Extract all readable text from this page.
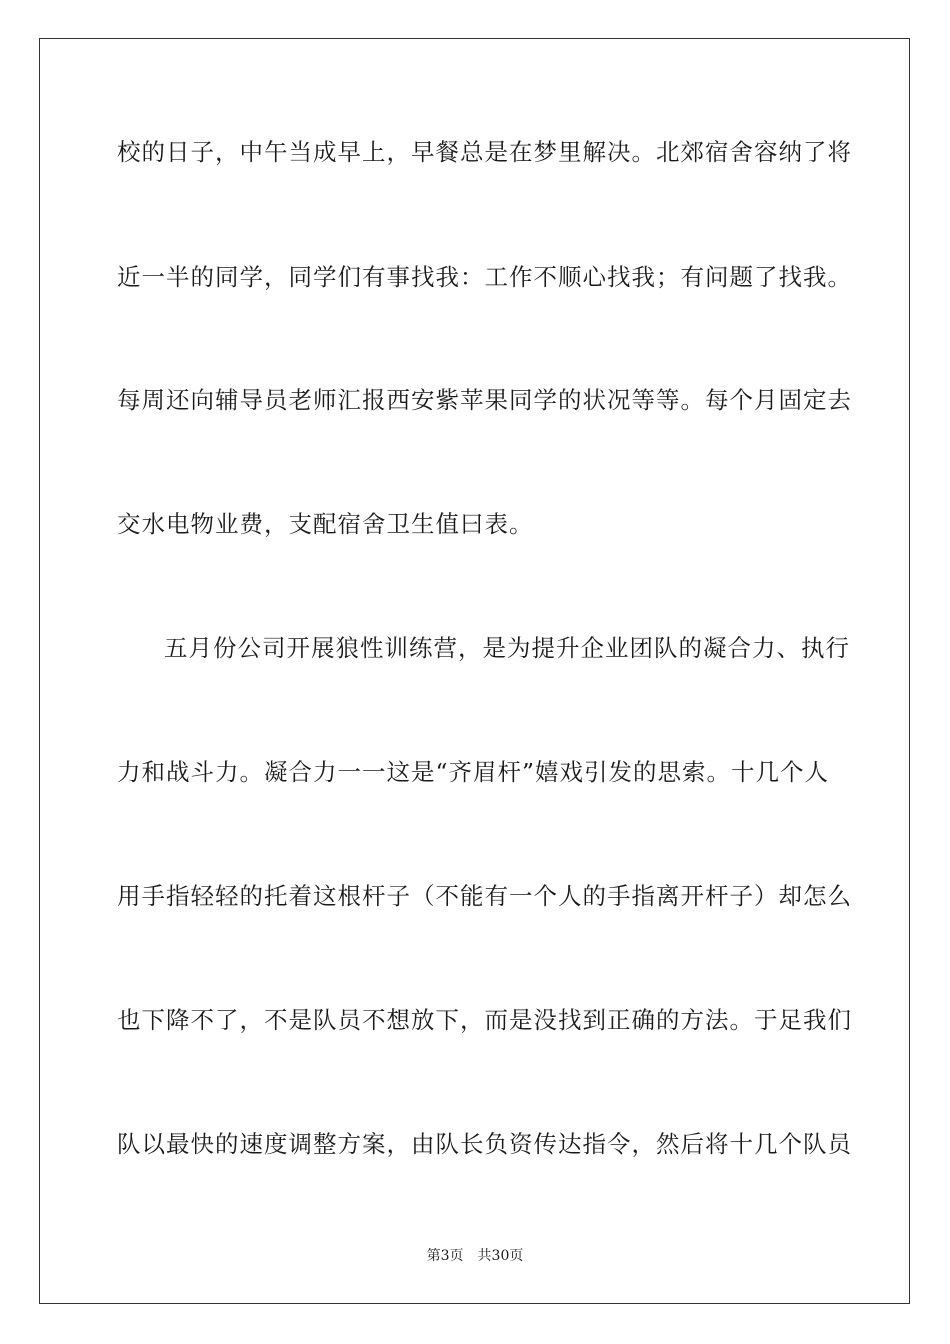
校的日子，中午当成早上，早餐总是在梦里解决。北郊宿舍容纳了将
近一半的同学，同学们有事找我：工作不顺心找我；有问题了找我。
每周还向辅导员老师汇报西安紫苹果同学的状况等等。每个月固定去
交水电物业费，支配宿舍卫生值曰表。
五月份公司开展狼性训练营，是为提升企业团队的凝合力、执行
力和战斗力。凝合力一一这是“齐眉杆”嬉戏引发的思索。十几个人
用手指轻轻的托着这根杆子（不能有一个人的手指离开杆子）却怎么
也下降不了，不是队员不想放下，而是没找到正确的方法。于足我们
队以最快的速度调整方案，由队长负资传达指令，然后将十几个队员
第3页 共30页
